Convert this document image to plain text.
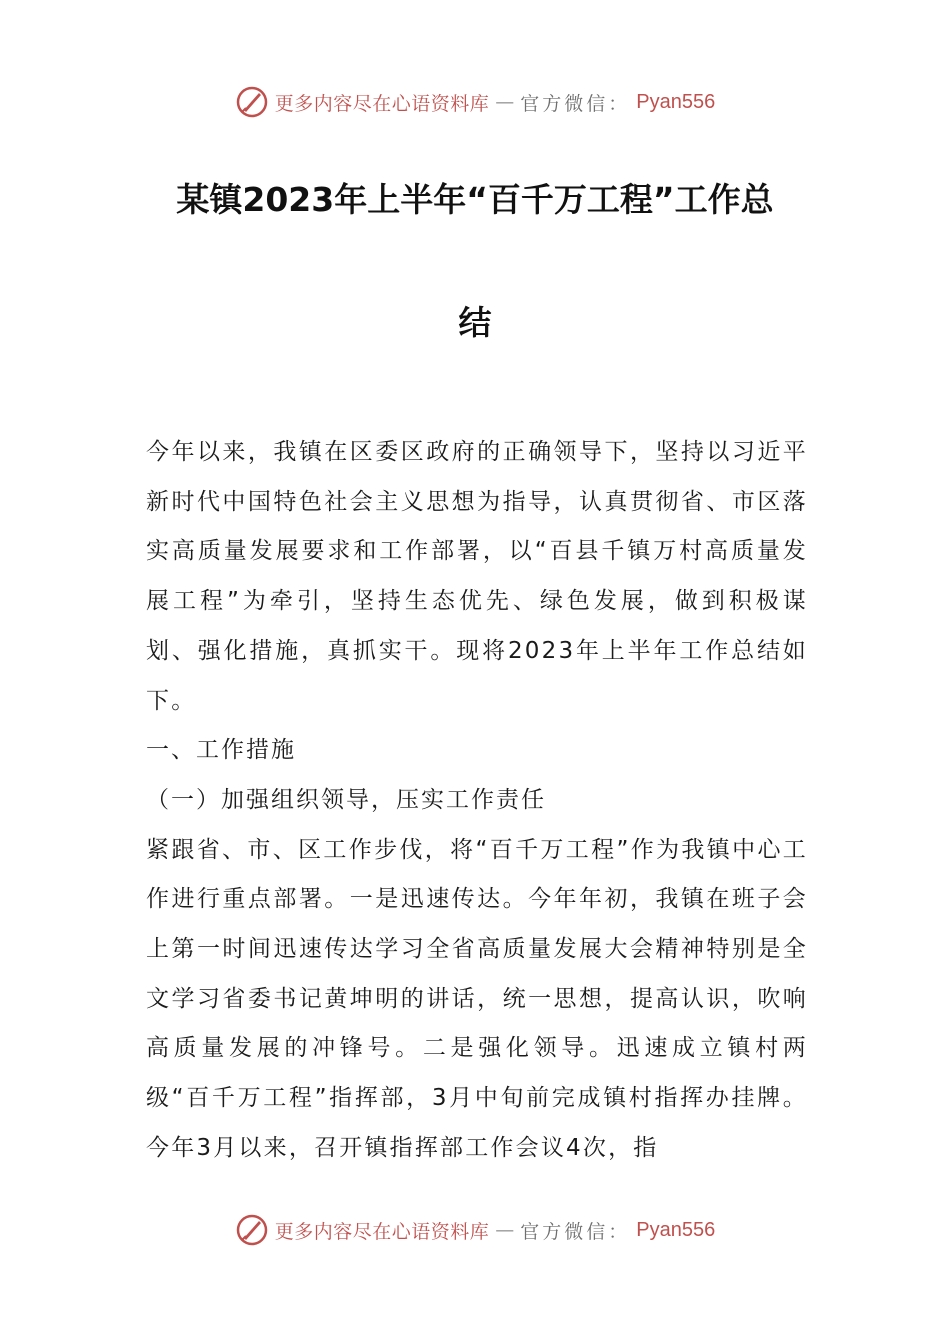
更多内容尽在心语资料库 — 官方微信： Pyan556
某镇2023年上半年“百千万工程”工作总
结

今年以来，我镇在区委区政府的正确领导下，坚持以习近平新时代中国特色社会主义思想为指导，认真贯彻省、市区落实高质量发展要求和工作部署，以“百县千镇万村高质量发展工程”为牵引，坚持生态优先、绿色发展，做到积极谋划、强化措施，真抓实干。现将2023年上半年工作总结如下。

一、工作措施

（一）加强组织领导，压实工作责任

紧跟省、市、区工作步伐，将“百千万工程”作为我镇中心工作进行重点部署。一是迅速传达。今年年初，我镇在班子会上第一时间迅速传达学习全省高质量发展大会精神特别是全文学习省委书记黄坤明的讲话，统一思想，提高认识，吹响高质量发展的冲锋号。二是强化领导。迅速成立镇村两级“百千万工程”指挥部，3月中旬前完成镇村指挥办挂牌。今年3月以来，召开镇指挥部工作会议4次，指

更多内容尽在心语资料库 — 官方微信： Pyan556
